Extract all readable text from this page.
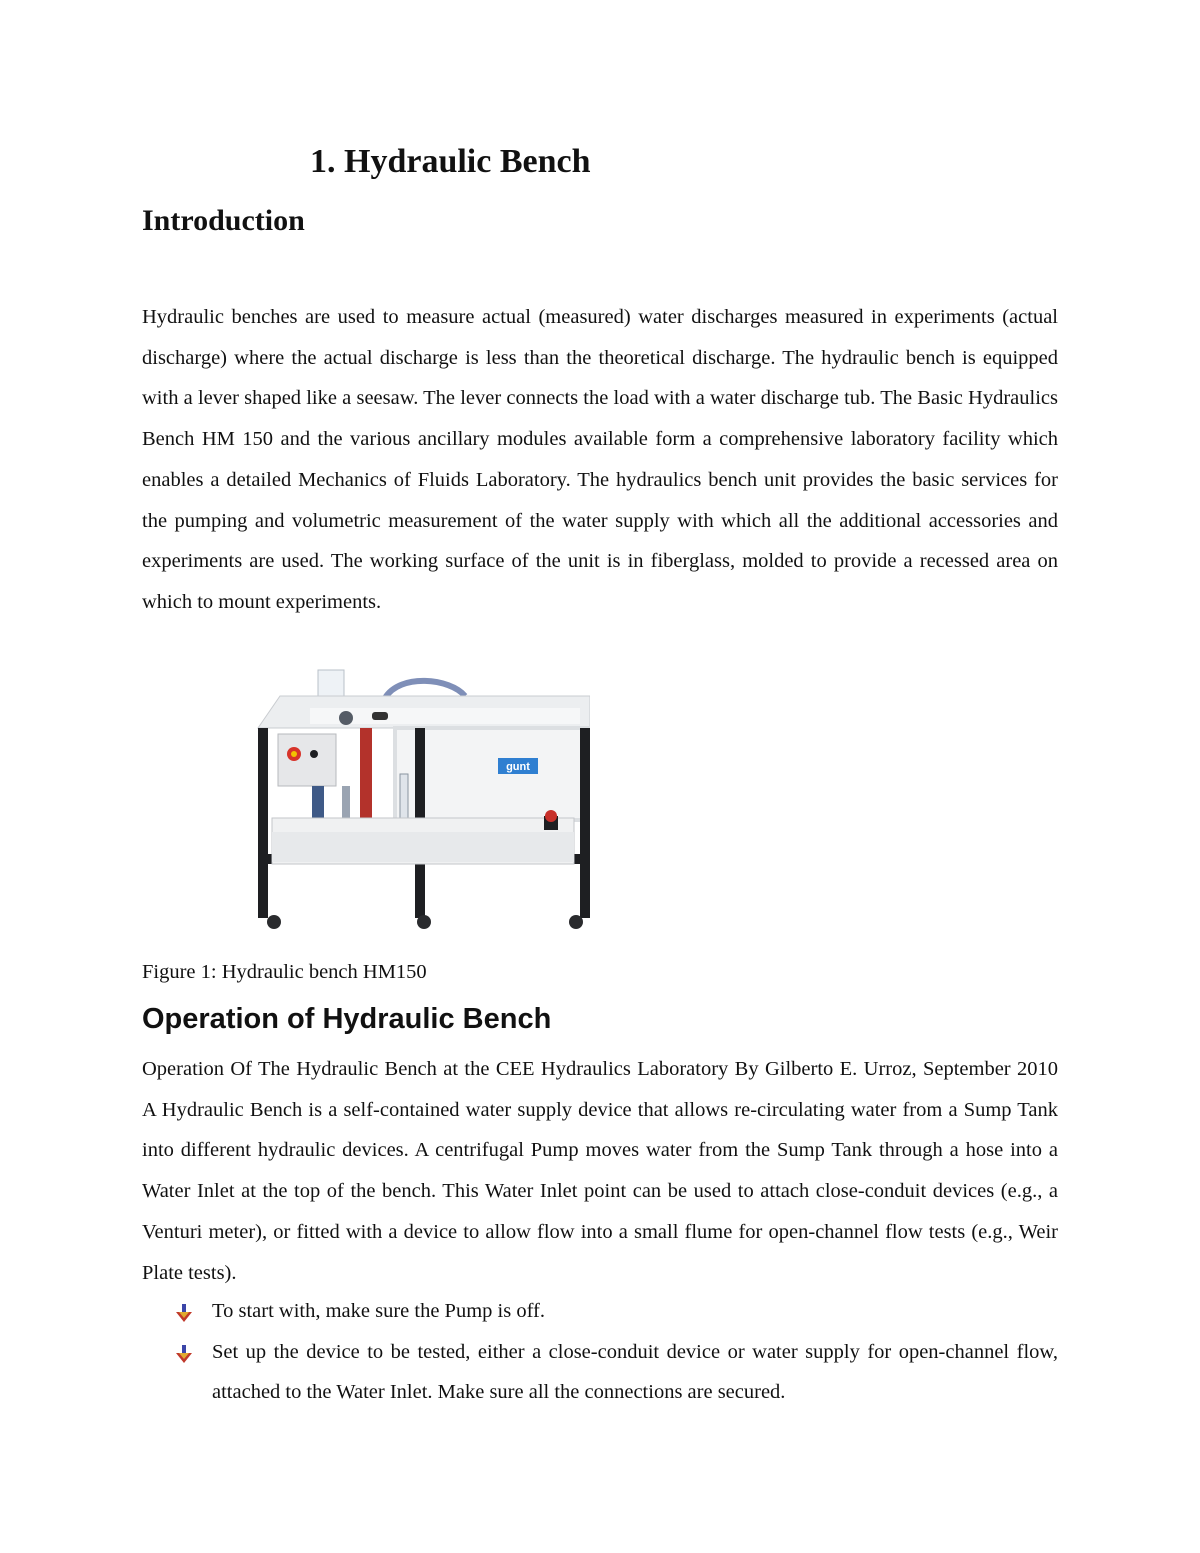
1. Hydraulic Bench
Introduction

Hydraulic benches are used to measure actual (measured) water discharges measured in experiments (actual discharge) where the actual discharge is less than the theoretical discharge. The hydraulic bench is equipped with a lever shaped like a seesaw. The lever connects the load with a water discharge tub. The Basic Hydraulics Bench HM 150 and the various ancillary modules available form a comprehensive laboratory facility which enables a detailed Mechanics of Fluids Laboratory. The hydraulics bench unit provides the basic services for the pumping and volumetric measurement of the water supply with which all the additional accessories and experiments are used. The working surface of the unit is in fiberglass, molded to provide a recessed area on which to mount experiments.

gunt

Figure 1: Hydraulic bench HM150

Operation of Hydraulic Bench

Operation Of The Hydraulic Bench at the CEE Hydraulics Laboratory By Gilberto E. Urroz, September 2010 A Hydraulic Bench is a self-contained water supply device that allows re-circulating water from a Sump Tank into different hydraulic devices. A centrifugal Pump moves water from the Sump Tank through a hose into a Water Inlet at the top of the bench. This Water Inlet point can be used to attach close-conduit devices (e.g., a Venturi meter), or fitted with a device to allow flow into a small flume for open-channel flow tests (e.g., Weir Plate tests).

To start with, make sure the Pump is off.
Set up the device to be tested, either a close-conduit device or water supply for open-channel flow, attached to the Water Inlet. Make sure all the connections are secured.
